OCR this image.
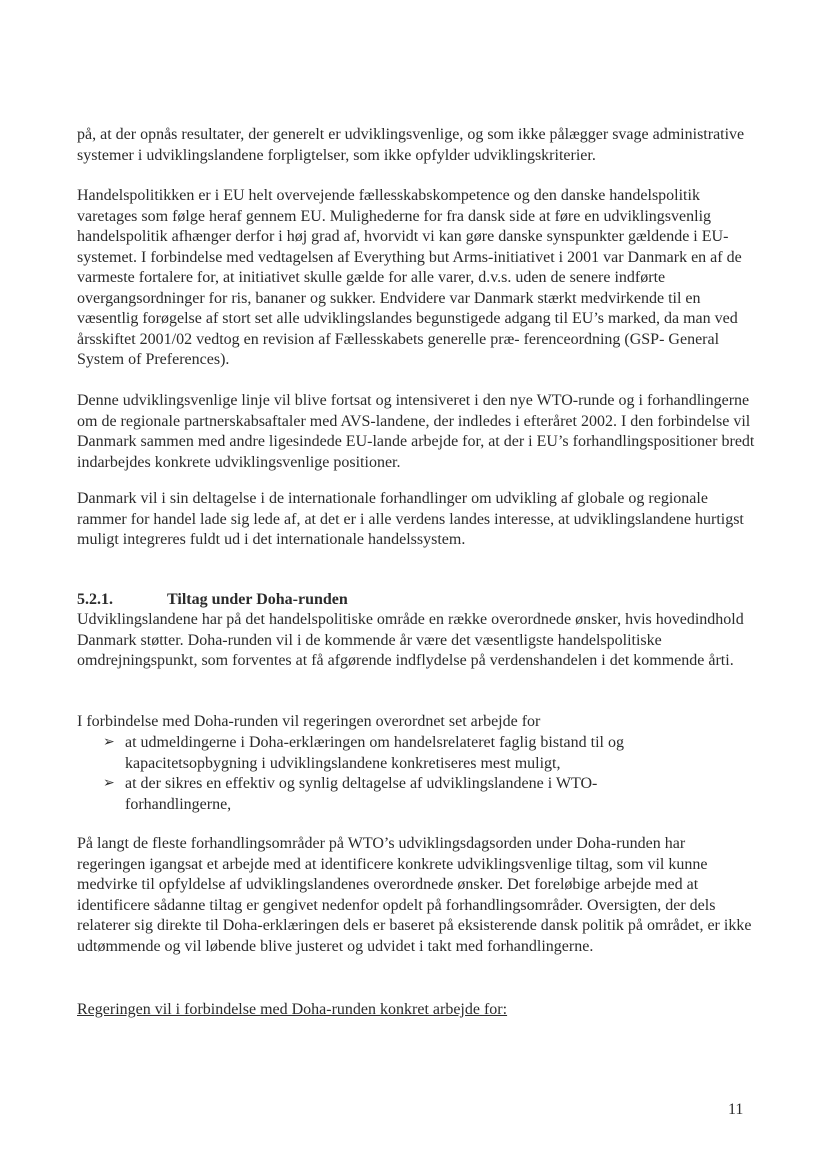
på, at der opnås resultater, der generelt er udviklingsvenlige, og som ikke pålægger svage administrative systemer i udviklingslandene forpligtelser, som ikke opfylder udviklingskriterier.

Handelspolitikken er i EU helt overvejende fællesskabskompetence og den danske handelspolitik varetages som følge heraf gennem EU. Mulighederne for fra dansk side at føre en udviklingsvenlig handelspolitik afhænger derfor i høj grad af, hvorvidt vi kan gøre danske synspunkter gældende i EU-systemet. I forbindelse med vedtagelsen af Everything but Arms-initiativet i 2001 var Danmark en af de varmeste fortalere for, at initiativet skulle gælde for alle varer, d.v.s. uden de senere indførte overgangsordninger for ris, bananer og sukker. Endvidere var Danmark stærkt medvirkende til en væsentlig forøgelse af stort set alle udviklingslandes begunstigede adgang til EU’s marked, da man ved årsskiftet 2001/02 vedtog en revision af Fællesskabets generelle præ- ferenceordning (GSP- General System of Preferences).

Denne udviklingsvenlige linje vil blive fortsat og intensiveret i den nye WTO-runde og i forhandlingerne om de regionale partnerskabsaftaler med AVS-landene, der indledes i efteråret 2002. I den forbindelse vil Danmark sammen med andre ligesindede EU-lande arbejde for, at der i EU’s forhandlingspositioner bredt indarbejdes konkrete udviklingsvenlige positioner.

Danmark vil i sin deltagelse i de internationale forhandlinger om udvikling af globale og regionale rammer for handel lade sig lede af, at det er i alle verdens landes interesse, at udviklingslandene hurtigst muligt integreres fuldt ud i det internationale handelssystem.

5.2.1.	Tiltag under Doha-runden

Udviklingslandene har på det handelspolitiske område en række overordnede ønsker, hvis hovedindhold Danmark støtter. Doha-runden vil i de kommende år være det væsentligste handelspolitiske omdrejningspunkt, som forventes at få afgørende indflydelse på verdenshandelen i det kommende årti.

I forbindelse med Doha-runden vil regeringen overordnet set arbejde for

➢ at udmeldingerne i Doha-erklæringen om handelsrelateret faglig bistand til og kapacitetsopbygning i udviklingslandene konkretiseres mest muligt,
➢ at der sikres en effektiv og synlig deltagelse af udviklingslandene i WTO-forhandlingerne,

På langt de fleste forhandlingsområder på WTO’s udviklingsdagsorden under Doha-runden har regeringen igangsat et arbejde med at identificere konkrete udviklingsvenlige tiltag, som vil kunne medvirke til opfyldelse af udviklingslandenes overordnede ønsker. Det foreløbige arbejde med at identificere sådanne tiltag er gengivet nedenfor opdelt på forhandlingsområder. Oversigten, der dels relaterer sig direkte til Doha-erklæringen dels er baseret på eksisterende dansk politik på området, er ikke udtømmende og vil løbende blive justeret og udvidet i takt med forhandlingerne.

Regeringen vil i forbindelse med Doha-runden konkret arbejde for:

11
